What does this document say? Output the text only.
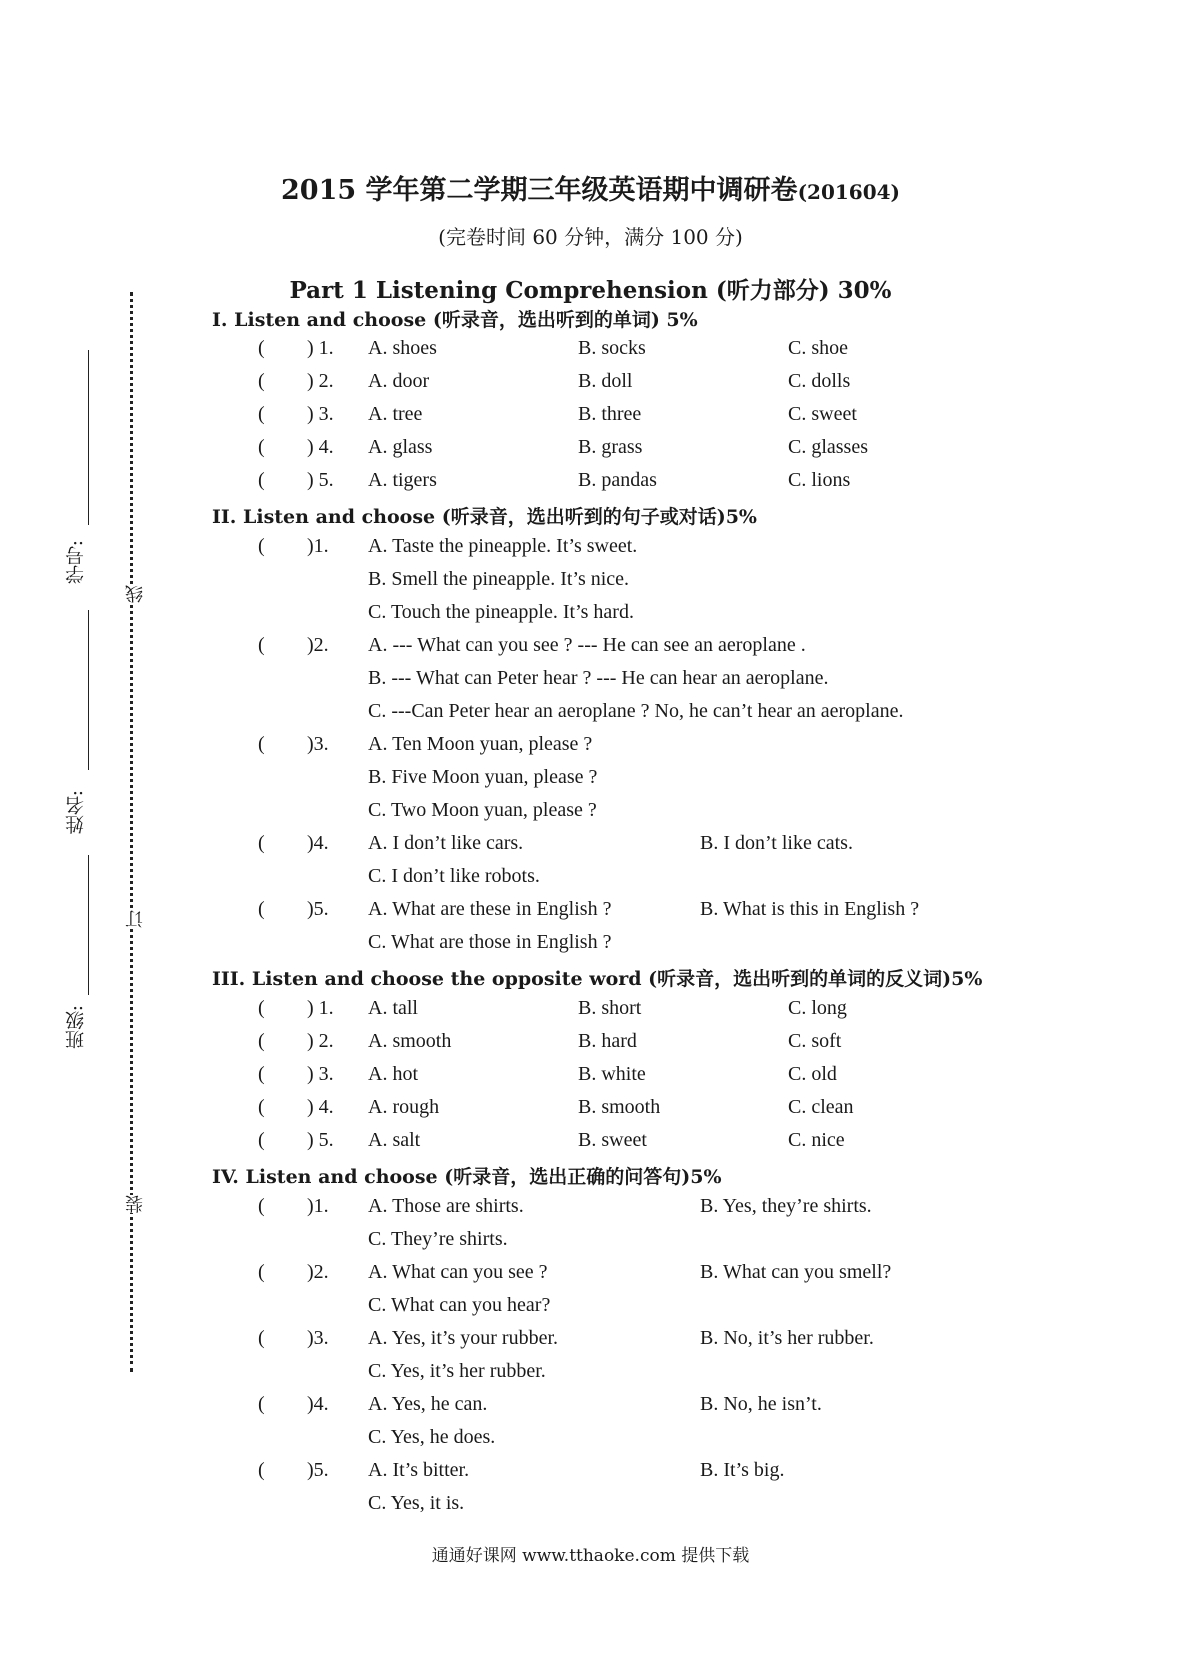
2015 学年第二学期三年级英语期中调研卷(201604)
(完卷时间 60 分钟，满分 100 分)
Part 1 Listening Comprehension (听力部分) 30%
线
订
装
学号:
姓名:
班级:
I. Listen and choose (听录音，选出听到的单词) 5%
( ) 1. A. shoes	B. socks	C. shoe
( ) 2. A. door	B. doll	C. dolls
( ) 3. A. tree	B. three	C. sweet
( ) 4. A. glass	B. grass	C. glasses
( ) 5. A. tigers	B. pandas	C. lions
II. Listen and choose (听录音，选出听到的句子或对话)5%
( )1. A. Taste the pineapple. It’s sweet.
B. Smell the pineapple. It’s nice.
C. Touch the pineapple. It’s hard.
( )2. A. --- What can you see ? --- He can see an aeroplane .
B. --- What can Peter hear ? --- He can hear an aeroplane.
C. ---Can Peter hear an aeroplane ? No, he can’t hear an aeroplane.
( )3. A. Ten Moon yuan, please ?
B. Five Moon yuan, please ?
C. Two Moon yuan, please ?
( )4. A. I don’t like cars.	B. I don’t like cats.
C. I don’t like robots.
( )5. A. What are these in English ?	B. What is this in English ?
C. What are those in English ?
III. Listen and choose the opposite word (听录音，选出听到的单词的反义词)5%
( ) 1. A. tall	B. short	C. long
( ) 2. A. smooth	B. hard	C. soft
( ) 3. A. hot	B. white	C. old
( ) 4. A. rough	B. smooth	C. clean
( ) 5. A. salt	B. sweet	C. nice
IV. Listen and choose (听录音，选出正确的问答句)5%
( )1. A. Those are shirts.	B. Yes, they’re shirts.
C. They’re shirts.
( )2. A. What can you see ?	B. What can you smell?
C. What can you hear?
( )3. A. Yes, it’s your rubber.	B. No, it’s her rubber.
C. Yes, it’s her rubber.
( )4. A. Yes, he can.	B. No, he isn’t.
C. Yes, he does.
( )5. A. It’s bitter.	B. It’s big.
C. Yes, it is.
通通好课网 www.tthaoke.com 提供下载
